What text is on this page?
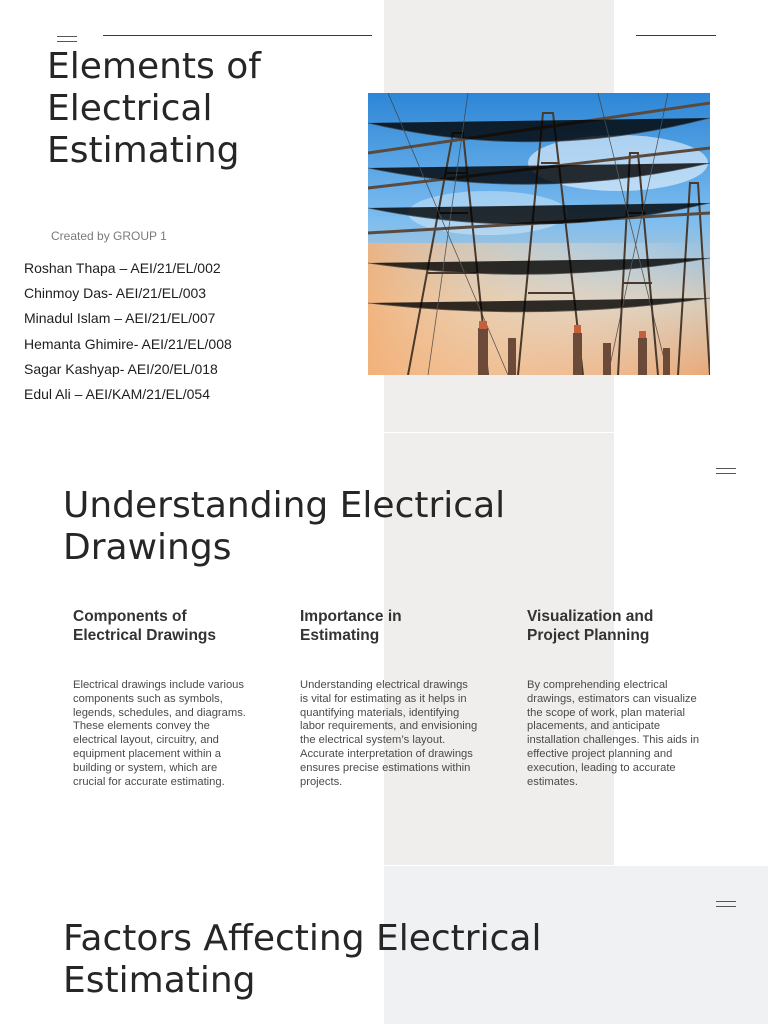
Elements of Electrical Estimating
Created by GROUP 1
Roshan Thapa – AEI/21/EL/002
Chinmoy Das- AEI/21/EL/003
Minadul Islam – AEI/21/EL/007
Hemanta Ghimire- AEI/21/EL/008
Sagar Kashyap- AEI/20/EL/018
Edul Ali – AEI/KAM/21/EL/054
Understanding Electrical Drawings
Components of Electrical Drawings

Electrical drawings include various components such as symbols, legends, schedules, and diagrams. These elements convey the electrical layout, circuitry, and equipment placement within a building or system, which are crucial for accurate estimating.

Importance in Estimating

Understanding electrical drawings is vital for estimating as it helps in quantifying materials, identifying labor requirements, and envisioning the electrical system’s layout. Accurate interpretation of drawings ensures precise estimations within projects.

Visualization and Project Planning

By comprehending electrical drawings, estimators can visualize the scope of work, plan material placements, and anticipate installation challenges. This aids in effective project planning and execution, leading to accurate estimates.

Factors Affecting Electrical Estimating
